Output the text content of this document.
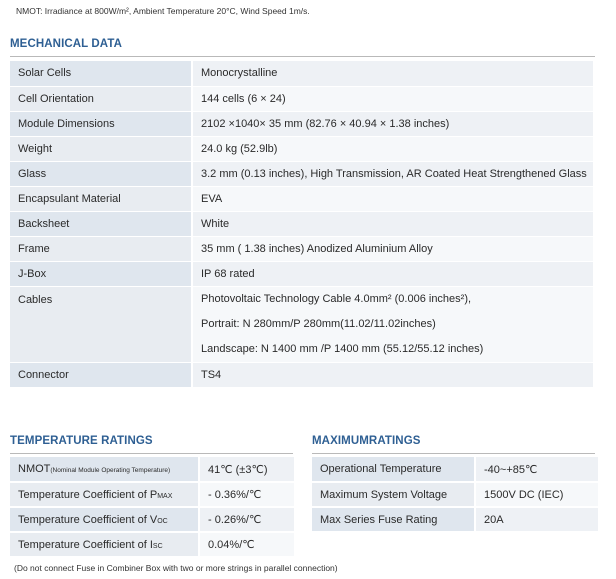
NMOT: Irradiance at 800W/m², Ambient Temperature 20°C, Wind Speed 1m/s.
MECHANICAL DATA
Solar Cells	Monocrystalline
Cell Orientation	144 cells (6 × 24)
Module Dimensions	2102 ×1040× 35 mm (82.76 × 40.94 × 1.38 inches)
Weight	24.0 kg (52.9lb)
Glass	3.2 mm (0.13 inches), High Transmission, AR Coated Heat Strengthened Glass
Encapsulant Material	EVA
Backsheet	White
Frame	35 mm ( 1.38 inches) Anodized Aluminium Alloy
J-Box	IP 68 rated
Cables	Photovoltaic Technology Cable 4.0mm² (0.006 inches²),
Portrait: N 280mm/P 280mm(11.02/11.02inches)
Landscape: N 1400 mm /P 1400 mm (55.12/55.12 inches)

Connector	TS4
TEMPERATURE RATINGS
NMOT(Nominal Module Operating Temperature)	41℃ (±3℃)
Temperature Coefficient of PMAX	- 0.36%/℃
Temperature Coefficient of VOC	- 0.26%/℃
Temperature Coefficient of ISC	0.04%/℃
MAXIMUMRATINGS
Operational Temperature	-40~+85℃
Maximum System Voltage	1500V DC (IEC)
Max Series Fuse Rating	20A
(Do not connect Fuse in Combiner Box with two or more strings in parallel connection)
